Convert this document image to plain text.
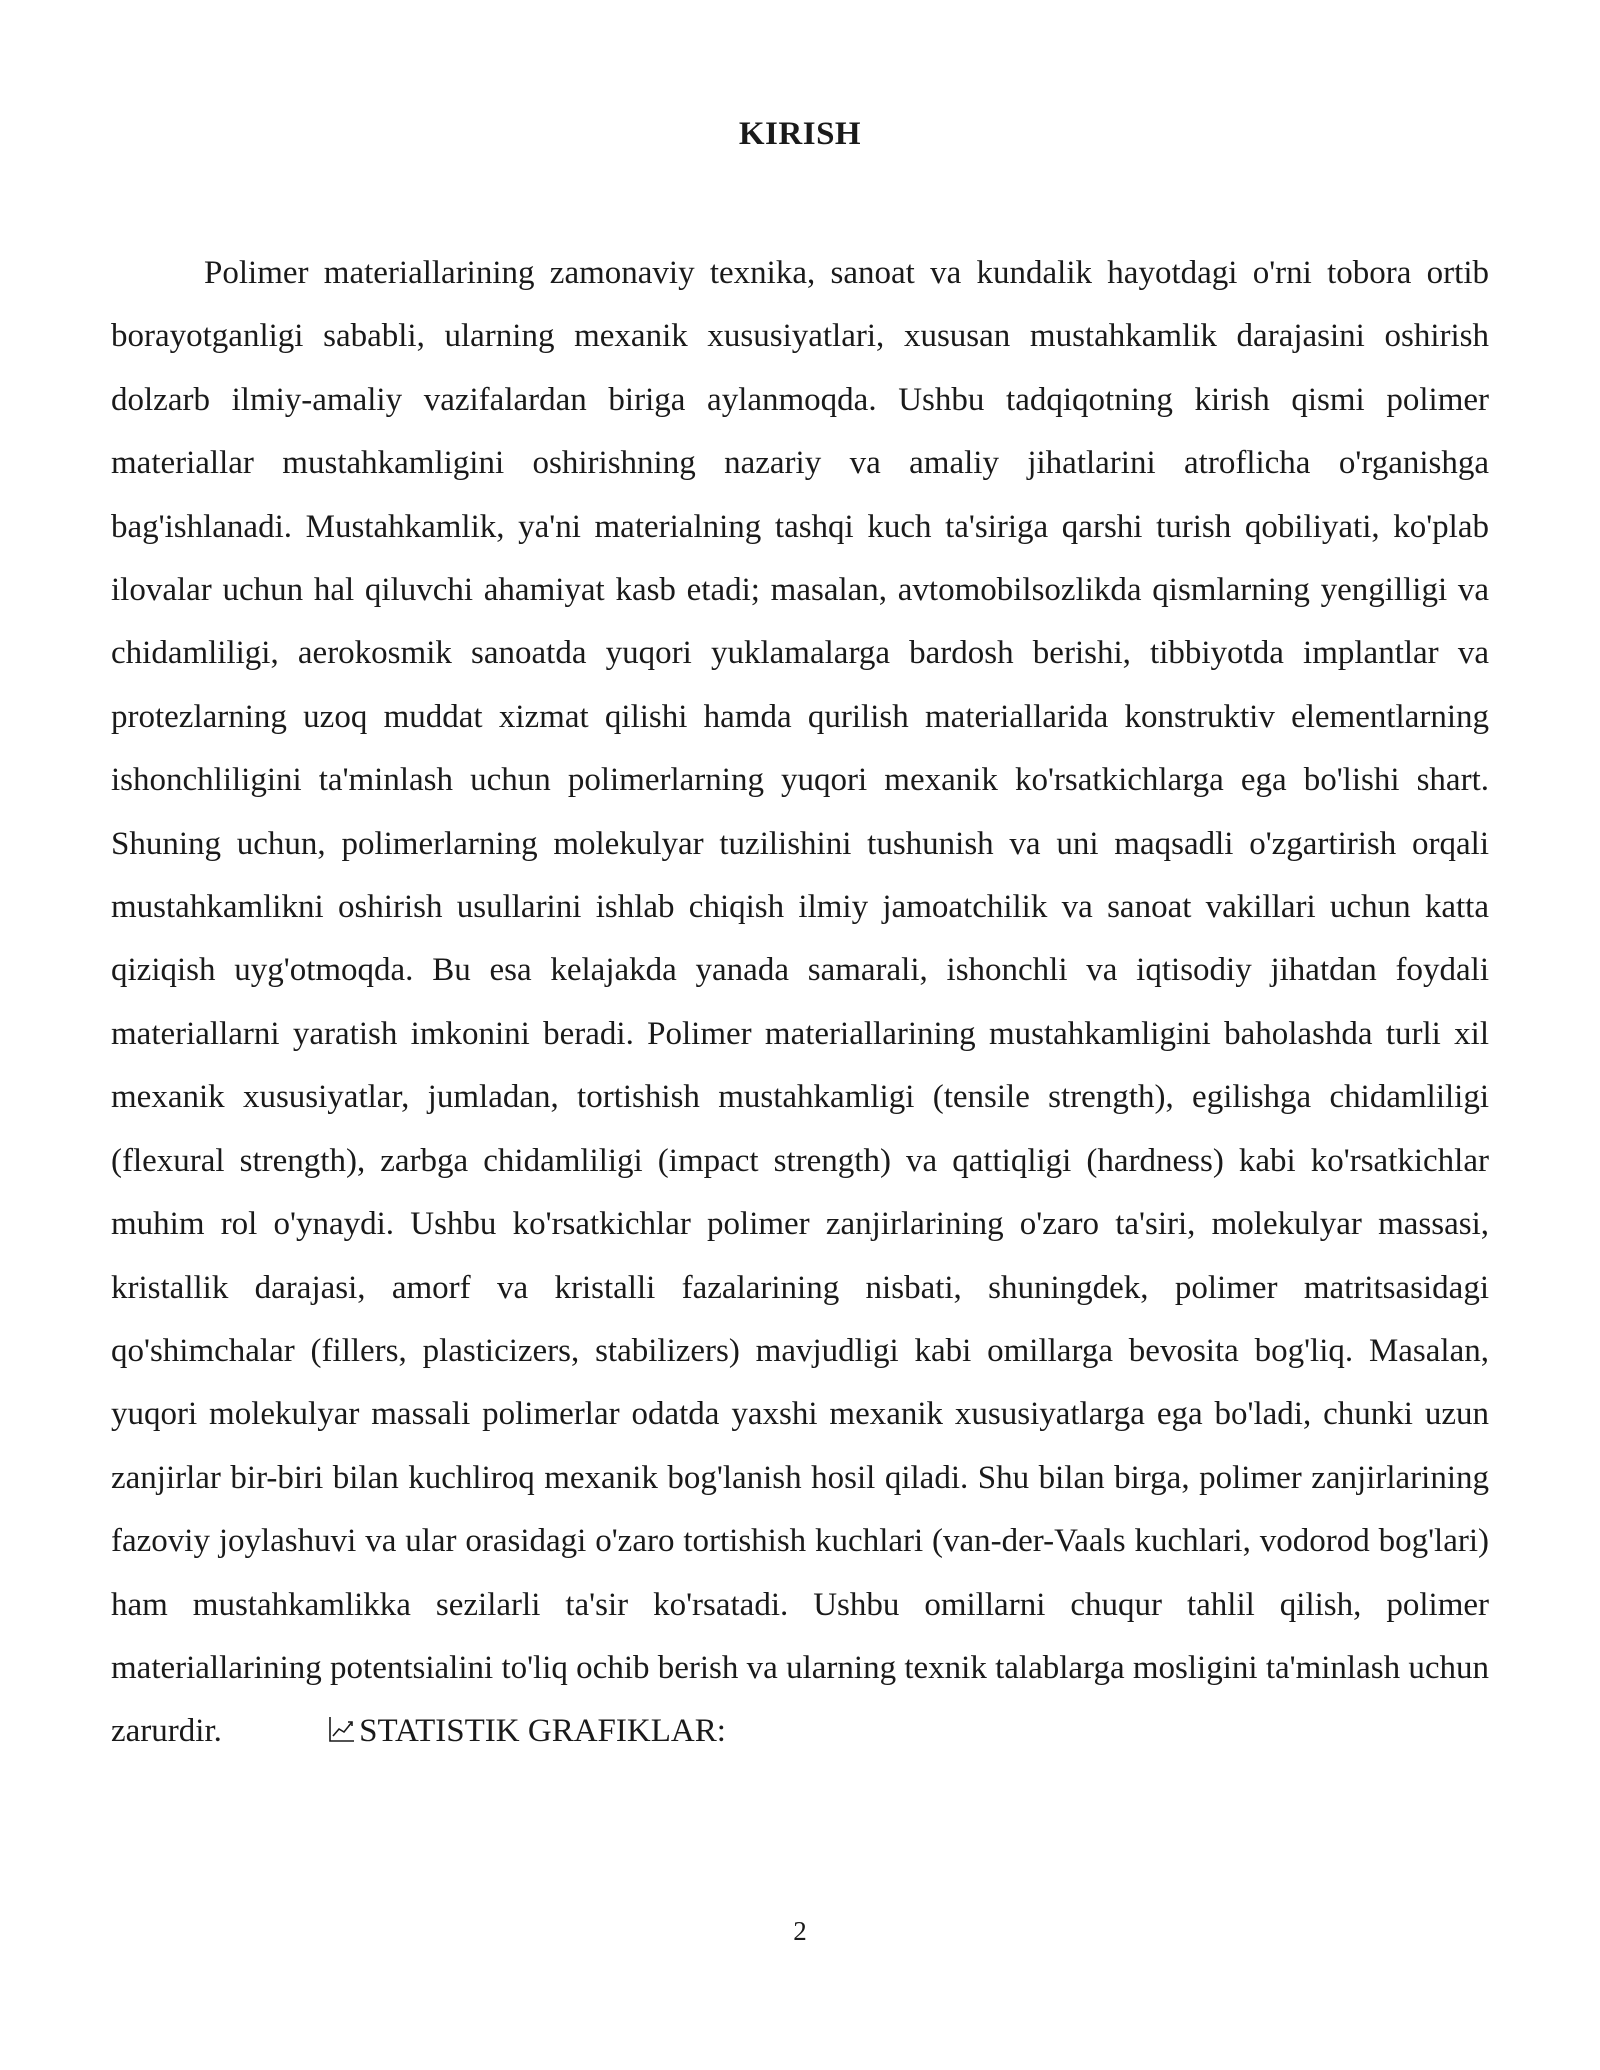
KIRISH

Polimer materiallarining zamonaviy texnika, sanoat va kundalik hayotdagi o'rni tobora ortib borayotganligi sababli, ularning mexanik xususiyatlari, xususan mustahkamlik darajasini oshirish dolzarb ilmiy-amaliy vazifalardan biriga aylanmoqda. Ushbu tadqiqotning kirish qismi polimer materiallar mustahkamligini oshirishning nazariy va amaliy jihatlarini atroflicha o'rganishga bag'ishlanadi. Mustahkamlik, ya'ni materialning tashqi kuch ta'siriga qarshi turish qobiliyati, ko'plab ilovalar uchun hal qiluvchi ahamiyat kasb etadi; masalan, avtomobilsozlikda qismlarning yengilligi va chidamliligi, aerokosmik sanoatda yuqori yuklamalarga bardosh berishi, tibbiyotda implantlar va protezlarning uzoq muddat xizmat qilishi hamda qurilish materiallarida konstruktiv elementlarning ishonchliligini ta'minlash uchun polimerlarning yuqori mexanik ko'rsatkichlarga ega bo'lishi shart. Shuning uchun, polimerlarning molekulyar tuzilishini tushunish va uni maqsadli o'zgartirish orqali mustahkamlikni oshirish usullarini ishlab chiqish ilmiy jamoatchilik va sanoat vakillari uchun katta qiziqish uyg'otmoqda. Bu esa kelajakda yanada samarali, ishonchli va iqtisodiy jihatdan foydali materiallarni yaratish imkonini beradi. Polimer materiallarining mustahkamligini baholashda turli xil mexanik xususiyatlar, jumladan, tortishish mustahkamligi (tensile strength), egilishga chidamliligi (flexural strength), zarbga chidamliligi (impact strength) va qattiqligi (hardness) kabi ko'rsatkichlar muhim rol o'ynaydi. Ushbu ko'rsatkichlar polimer zanjirlarining o'zaro ta'siri, molekulyar massasi, kristallik darajasi, amorf va kristalli fazalarining nisbati, shuningdek, polimer matritsasidagi qo'shimchalar (fillers, plasticizers, stabilizers) mavjudligi kabi omillarga bevosita bog'liq. Masalan, yuqori molekulyar massali polimerlar odatda yaxshi mexanik xususiyatlarga ega bo'ladi, chunki uzun zanjirlar bir-biri bilan kuchliroq mexanik bog'lanish hosil qiladi. Shu bilan birga, polimer zanjirlarining fazoviy joylashuvi va ular orasidagi o'zaro tortishish kuchlari (van-der-Vaals kuchlari, vodorod bog'lari) ham mustahkamlikka sezilarli ta'sir ko'rsatadi. Ushbu omillarni chuqur tahlil qilish, polimer materiallarining potentsialini to'liq ochib berish va ularning texnik talablarga mosligini ta'minlash uchun zarurdir.	STATISTIK GRAFIKLAR:

2
